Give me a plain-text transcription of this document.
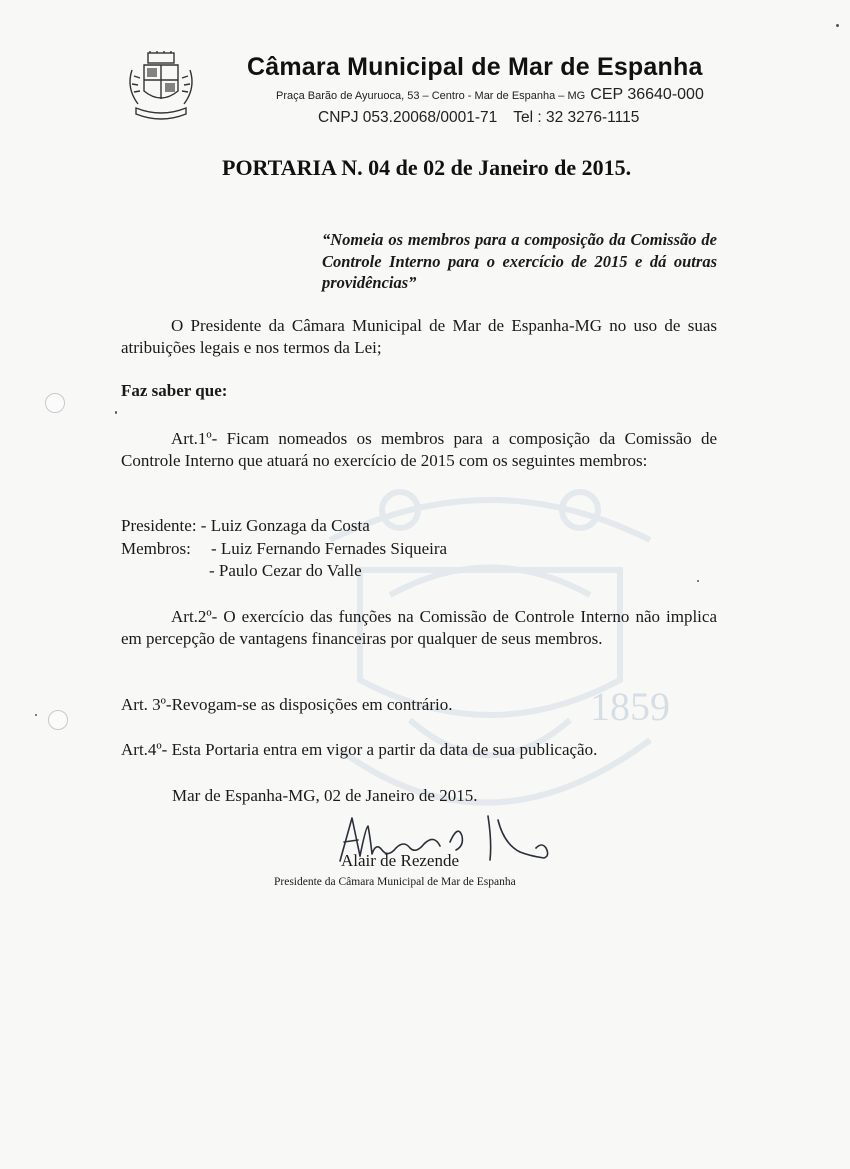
1859
Câmara Municipal de Mar de Espanha
Praça Barão de Ayuruoca, 53 – Centro - Mar de Espanha – MG CEP 36640-000
CNPJ 053.20068/0001-71 Tel : 32 3276-1115
PORTARIA N. 04 de 02 de Janeiro de 2015.
“Nomeia os membros para a composição da Comissão de Controle Interno para o exercício de 2015 e dá outras providências”
O Presidente da Câmara Municipal de Mar de Espanha-MG no uso de suas atribuições legais e nos termos da Lei;
Faz saber que:
Art.1º- Ficam nomeados os membros para a composição da Comissão de Controle Interno que atuará no exercício de 2015 com os seguintes membros:
Presidente: - Luiz Gonzaga da Costa
Membros: - Luiz Fernando Fernades Siqueira
- Paulo Cezar do Valle
Art.2º- O exercício das funções na Comissão de Controle Interno não implica em percepção de vantagens financeiras por qualquer de seus membros.
Art. 3º-Revogam-se as disposições em contrário.
Art.4º- Esta Portaria entra em vigor a partir da data de sua publicação.
Mar de Espanha-MG, 02 de Janeiro de 2015.
Alair de Rezende
Presidente da Câmara Municipal de Mar de Espanha
